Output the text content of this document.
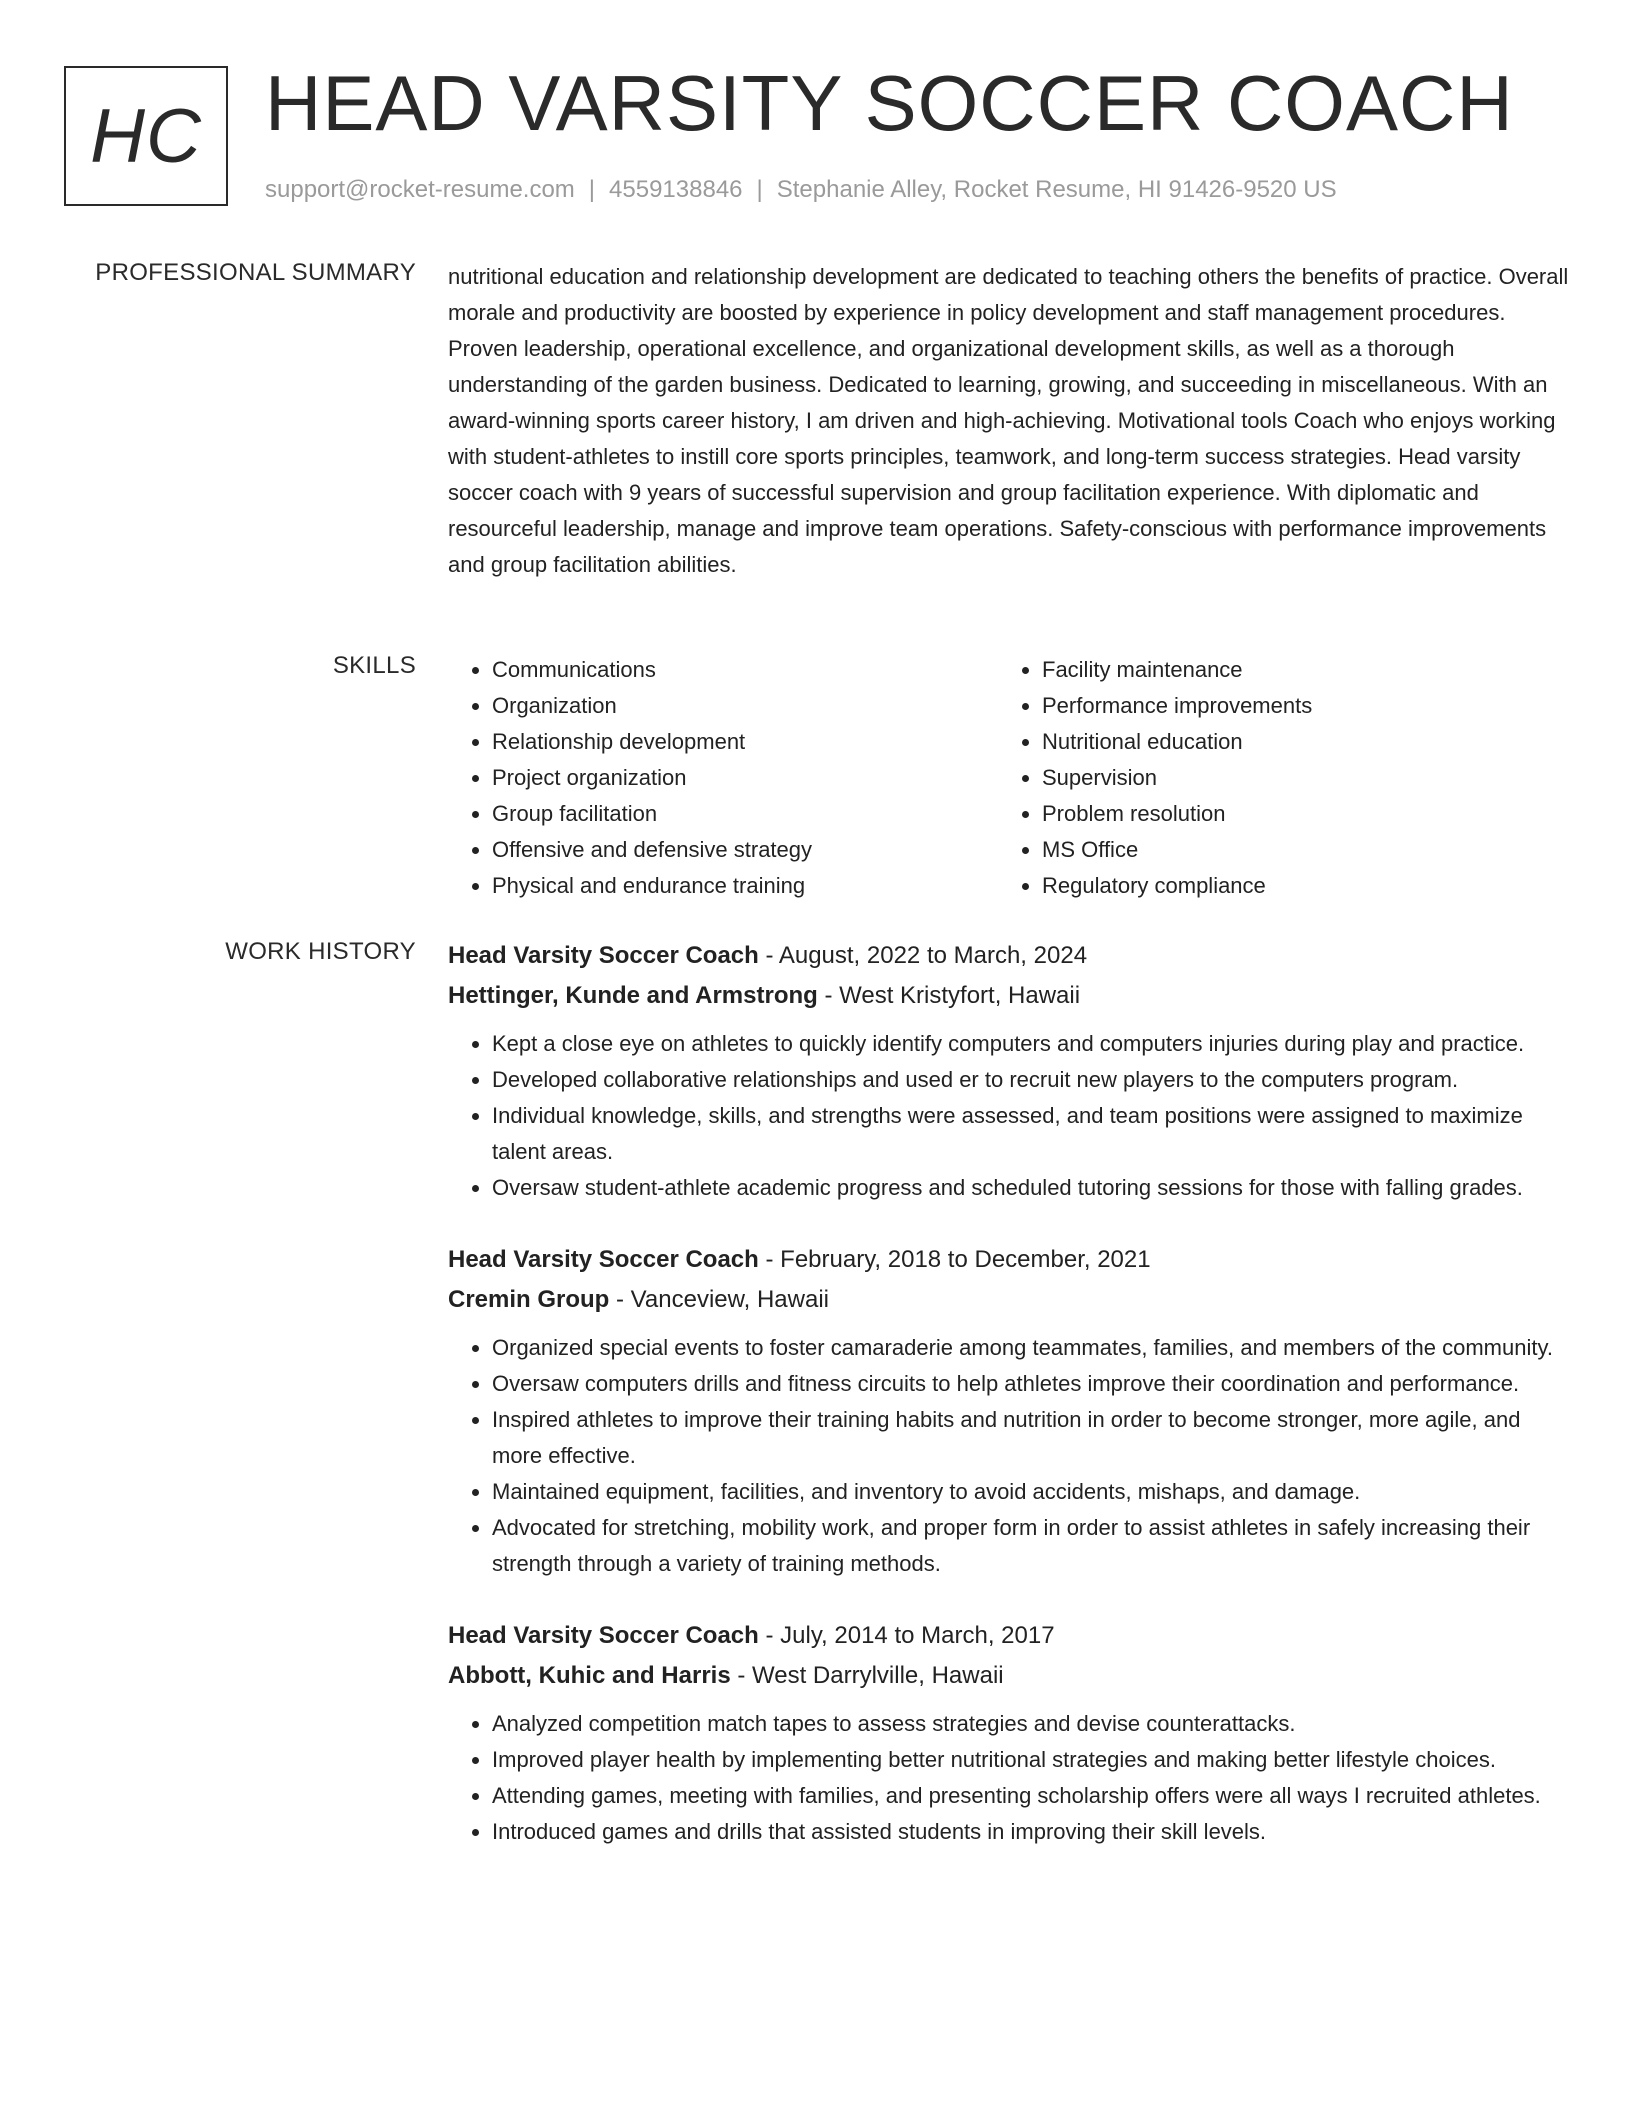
HC HEAD VARSITY SOCCER COACH
support@rocket-resume.com | 4559138846 | Stephanie Alley, Rocket Resume, HI 91426-9520 US
PROFESSIONAL SUMMARY nutritional education and relationship development are dedicated to teaching others the benefits of practice. Overall morale and productivity are boosted by experience in policy development and staff management procedures. Proven leadership, operational excellence, and organizational development skills, as well as a thorough understanding of the garden business. Dedicated to learning, growing, and succeeding in miscellaneous. With an award-winning sports career history, I am driven and high-achieving. Motivational tools Coach who enjoys working with student-athletes to instill core sports principles, teamwork, and long-term success strategies. Head varsity soccer coach with 9 years of successful supervision and group facilitation experience. With diplomatic and resourceful leadership, manage and improve team operations. Safety-conscious with performance improvements and group facilitation abilities.

SKILLS
•	Communications
• Organization
• Relationship development
• Project organization
• Group facilitation
• Offensive and defensive strategy
• Physical and endurance training
• Facility maintenance
• Performance improvements
• Nutritional education
• Supervision
• Problem resolution
• MS Office
• Regulatory compliance
WORK HISTORY Head Varsity Soccer Coach - August, 2022 to March, 2024

Hettinger, Kunde and Armstrong - West Kristyfort, Hawaii

• Kept a close eye on athletes to quickly identify computers and computers injuries during play and practice.
• Developed collaborative relationships and used er to recruit new players to the computers program.
• Individual knowledge, skills, and strengths were assessed, and team positions were assigned to maximize talent areas.
• Oversaw student-athlete academic progress and scheduled tutoring sessions for those with falling grades.

Head Varsity Soccer Coach - February, 2018 to December, 2021

Cremin Group - Vanceview, Hawaii

• Organized special events to foster camaraderie among teammates, families, and members of the community.
• Oversaw computers drills and fitness circuits to help athletes improve their coordination and performance.
• Inspired athletes to improve their training habits and nutrition in order to become stronger, more agile, and more effective.
• Maintained equipment, facilities, and inventory to avoid accidents, mishaps, and damage.
• Advocated for stretching, mobility work, and proper form in order to assist athletes in safely increasing their strength through a variety of training methods.

Head Varsity Soccer Coach - July, 2014 to March, 2017

Abbott, Kuhic and Harris - West Darrylville, Hawaii

• Analyzed competition match tapes to assess strategies and devise counterattacks.
• Improved player health by implementing better nutritional strategies and making better lifestyle choices.
• Attending games, meeting with families, and presenting scholarship offers were all ways I recruited athletes.
• Introduced games and drills that assisted students in improving their skill levels.
